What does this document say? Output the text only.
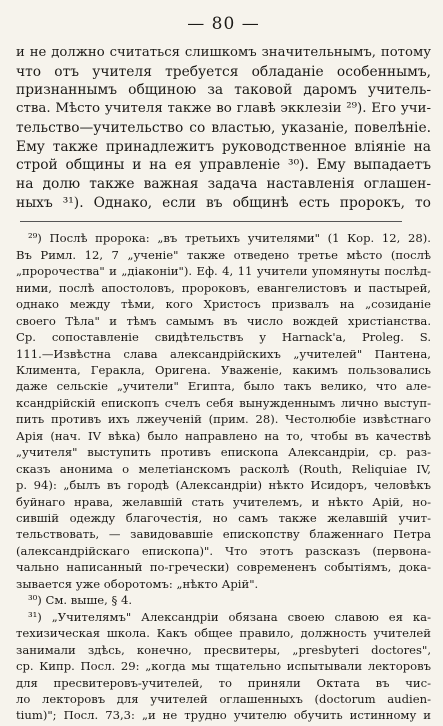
— 80 —

и не должно считаться слишкомъ значительнымъ, потому

что отъ учителя требуется обладаніе особеннымъ,

признаннымъ общиною за таковой даромъ учитель-

ства. Мѣсто учителя также во главѣ экклезіи ²⁹). Его учи-

тельство—учительство со властью, указаніе, повелѣніе.

Ему также принадлежитъ руководственное вліяніе на

строй общины и на ея управленіе ³⁰). Ему выпадаетъ

на долю также важная задача наставленія оглашен-

ныхъ ³¹). Однако, если въ общинѣ есть пророкъ, то

²⁹) Послѣ пророка: „въ третьихъ учителями" (1 Кор. 12, 28).

Въ Римл. 12, 7 „ученіе" также отведено третье мѣсто (послѣ

„пророчества" и „діаконіи"). Еф. 4, 11 учители упомянуты послѣд-

ними, послѣ апостоловъ, пророковъ, евангелистовъ и пастырей,

однако между тѣми, кого Христосъ призвалъ на „созиданіе

своего Тѣла" и тѣмъ самымъ въ число вождей христіанства.

Ср. сопоставленіе свидѣтельствъ у Harnack'а, Proleg. S.

111.—Извѣстна слава александрійскихъ „учителей" Пантена,

Климента, Геракла, Оригена. Уваженіе, какимъ пользовались

даже сельскіе „учители" Египта, было такъ велико, что але-

ксандрійскій епископъ счелъ себя вынужденнымъ лично выступ-

пить противъ ихъ лжеученій (прим. 28). Честолюбіе извѣстнаго

Арія (нач. IV вѣка) было направлено на то, чтобы въ качествѣ

„учителя" выступить противъ епископа Александріи, ср. раз-

сказъ анонима о мелетіанскомъ расколѣ (Routh, Reliquiae IV,

p. 94): „былъ въ городѣ (Александріи) нѣкто Исидоръ, человѣкъ

буйнаго нрава, желавшій стать учителемъ, и нѣкто Арій, но-

сившій одежду благочестія, но самъ также желавшій учит-

тельствовать, — завидовавшіе епископству блаженнаго Петра

(александрійскаго епископа)". Что этотъ разсказъ (первона-

чально написанный по-гречески) современенъ событіямъ, дока-

зывается уже оборотомъ: „нѣкто Арій".

³⁰) См. выше, § 4.

³¹) „Учителямъ" Александріи обязана своею славою ея ка-

техизическая школа. Какъ общее правило, должность учителей

занимали здѣсь, конечно, пресвитеры, „presbyteri doctores",

ср. Кипр. Посл. 29: „когда мы тщательно испытывали лекторовъ

для пресвитеровъ-учителей, то приняли Октата въ чис-

ло лекторовъ для учителей оглашенныхъ (doctorum audien-

tium)"; Посл. 73,3: „и не трудно учителю обучить истинному и
